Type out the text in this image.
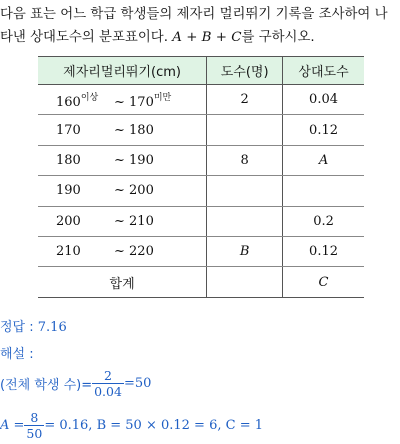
다음 표는 어느 학급 학생들의 제자리 멀리뛰기 기록을 조사하여 나
타낸 상대도수의 분포표이다. A + B + C를 구하시오.
제자리멀리뛰기(cm)	도수(명)	상대도수
$160^{이상}$ ~ $170^{미만}$	2	0.04
170 ~ 180		0.12
180 ~ 190	8	A
190 ~ 200		
200 ~ 210		0.2
210 ~ 220	B	0.12
합계		C
정답 : 7.16
해설 :
(전체 학생 수)= $\frac{2}{0.04} =50$
$A = \frac{8}{50} = 0.16$, B = 50 × 0.12 = 6, C = 1
